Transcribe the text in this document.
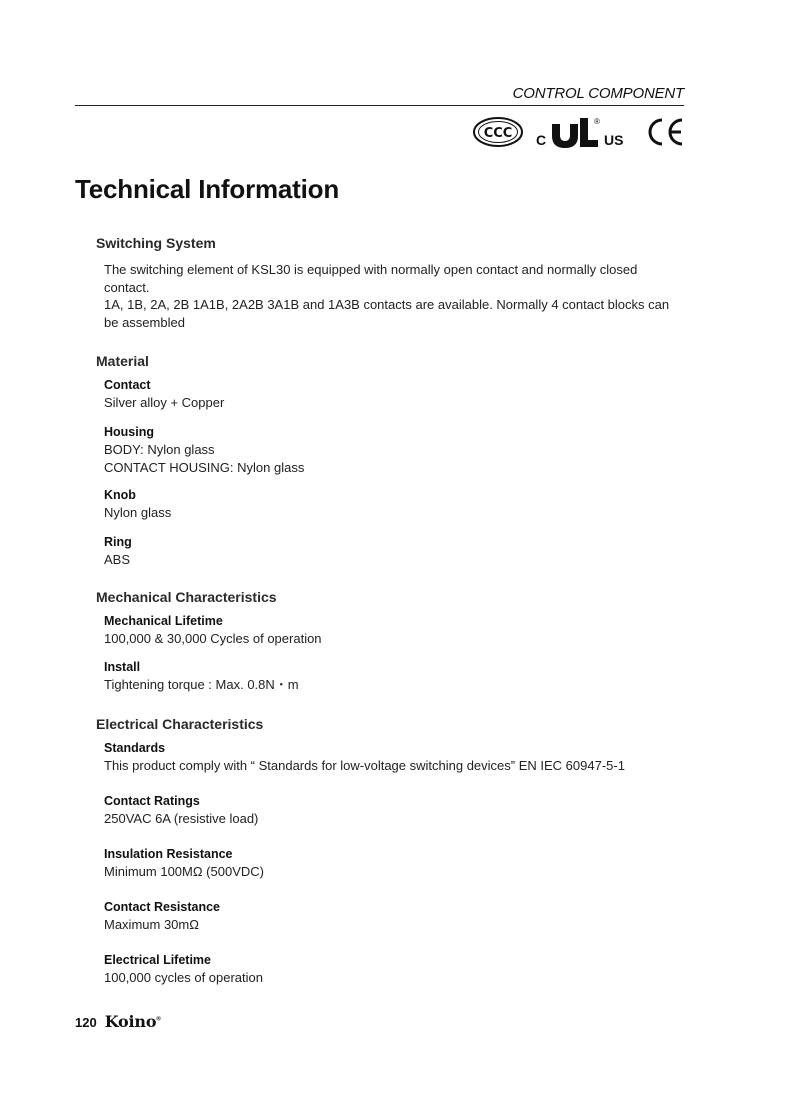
CONTROL COMPONENT
CCC C
®
US
Technical Information
Switching System

The switching element of KSL30 is equipped with normally open contact and normally closed contact.
1A, 1B, 2A, 2B 1A1B, 2A2B 3A1B and 1A3B contacts are available. Normally 4 contact blocks can be assembled

Material
Contact
Silver alloy + Copper
Housing
BODY: Nylon glass
CONTACT HOUSING: Nylon glass
Knob
Nylon glass
Ring
ABS
Mechanical Characteristics
Mechanical Lifetime
100,000 & 30,000 Cycles of operation
Install
Tightening torque : Max. 0.8N・m
Electrical Characteristics
Standards
This product comply with “ Standards for low-voltage switching devices” EN IEC 60947-5-1
Contact Ratings
250VAC 6A (resistive load)
Insulation Resistance
Minimum 100MΩ (500VDC)
Contact Resistance
Maximum 30mΩ
Electrical Lifetime
100,000 cycles of operation
120 Koino®
